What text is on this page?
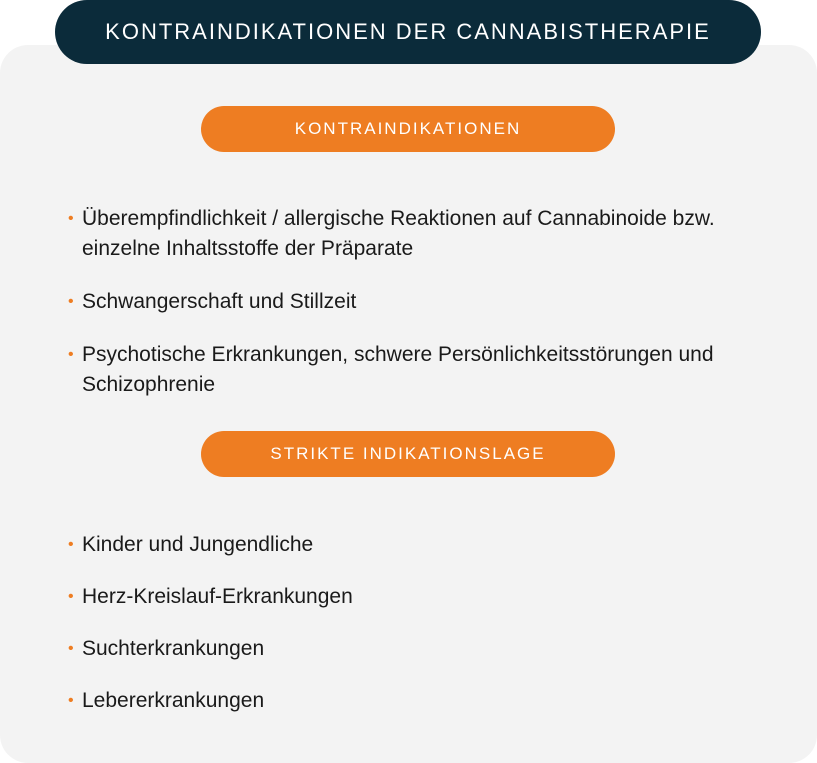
KONTRAINDIKATIONEN DER CANNABISTHERAPIE
KONTRAINDIKATIONEN
• Überempfindlichkeit / allergische Reaktionen auf Cannabinoide bzw. einzelne Inhaltsstoffe der Präparate
• Schwangerschaft und Stillzeit
• Psychotische Erkrankungen, schwere Persönlichkeitsstörungen und Schizophrenie
STRIKTE INDIKATIONSLAGE
• Kinder und Jungendliche
• Herz-Kreislauf-Erkrankungen
• Suchterkrankungen
• Lebererkrankungen
